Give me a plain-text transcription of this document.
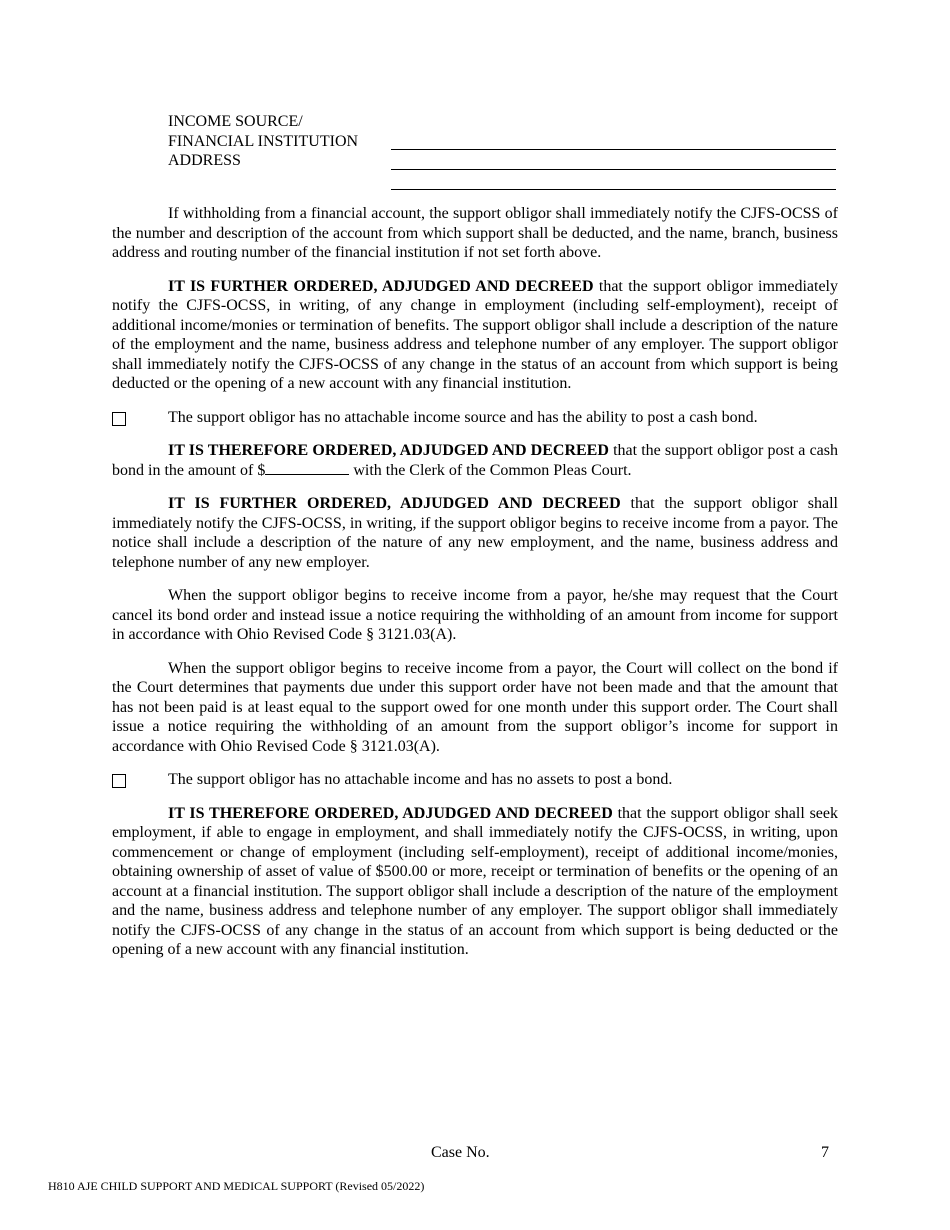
INCOME SOURCE/
FINANCIAL INSTITUTION
ADDRESS

If withholding from a financial account, the support obligor shall immediately notify the CJFS-OCSS of the number and description of the account from which support shall be deducted, and the name, branch, business address and routing number of the financial institution if not set forth above.

IT IS FURTHER ORDERED, ADJUDGED AND DECREED that the support obligor immediately notify the CJFS-OCSS, in writing, of any change in employment (including self-employment), receipt of additional income/monies or termination of benefits. The support obligor shall include a description of the nature of the employment and the name, business address and telephone number of any employer. The support obligor shall immediately notify the CJFS-OCSS of any change in the status of an account from which support is being deducted or the opening of a new account with any financial institution.

The support obligor has no attachable income source and has the ability to post a cash bond.

IT IS THEREFORE ORDERED, ADJUDGED AND DECREED that the support obligor post a cash bond in the amount of $	with the Clerk of the Common Pleas Court.

IT IS FURTHER ORDERED, ADJUDGED AND DECREED that the support obligor shall immediately notify the CJFS-OCSS, in writing, if the support obligor begins to receive income from a payor. The notice shall include a description of the nature of any new employment, and the name, business address and telephone number of any new employer.

When the support obligor begins to receive income from a payor, he/she may request that the Court cancel its bond order and instead issue a notice requiring the withholding of an amount from income for support in accordance with Ohio Revised Code § 3121.03(A).

When the support obligor begins to receive income from a payor, the Court will collect on the bond if the Court determines that payments due under this support order have not been made and that the amount that has not been paid is at least equal to the support owed for one month under this support order. The Court shall issue a notice requiring the withholding of an amount from the support obligor’s income for support in accordance with Ohio Revised Code § 3121.03(A).

The support obligor has no attachable income and has no assets to post a bond.

IT IS THEREFORE ORDERED, ADJUDGED AND DECREED that the support obligor shall seek employment, if able to engage in employment, and shall immediately notify the CJFS-OCSS, in writing, upon commencement or change of employment (including self-employment), receipt of additional income/monies, obtaining ownership of asset of value of $500.00 or more, receipt or termination of benefits or the opening of an account at a financial institution. The support obligor shall include a description of the nature of the employment and the name, business address and telephone number of any employer. The support obligor shall immediately notify the CJFS-OCSS of any change in the status of an account from which support is being deducted or the opening of a new account with any financial institution.

Case No.	7
H810 AJE CHILD SUPPORT AND MEDICAL SUPPORT (Revised 05/2022)
